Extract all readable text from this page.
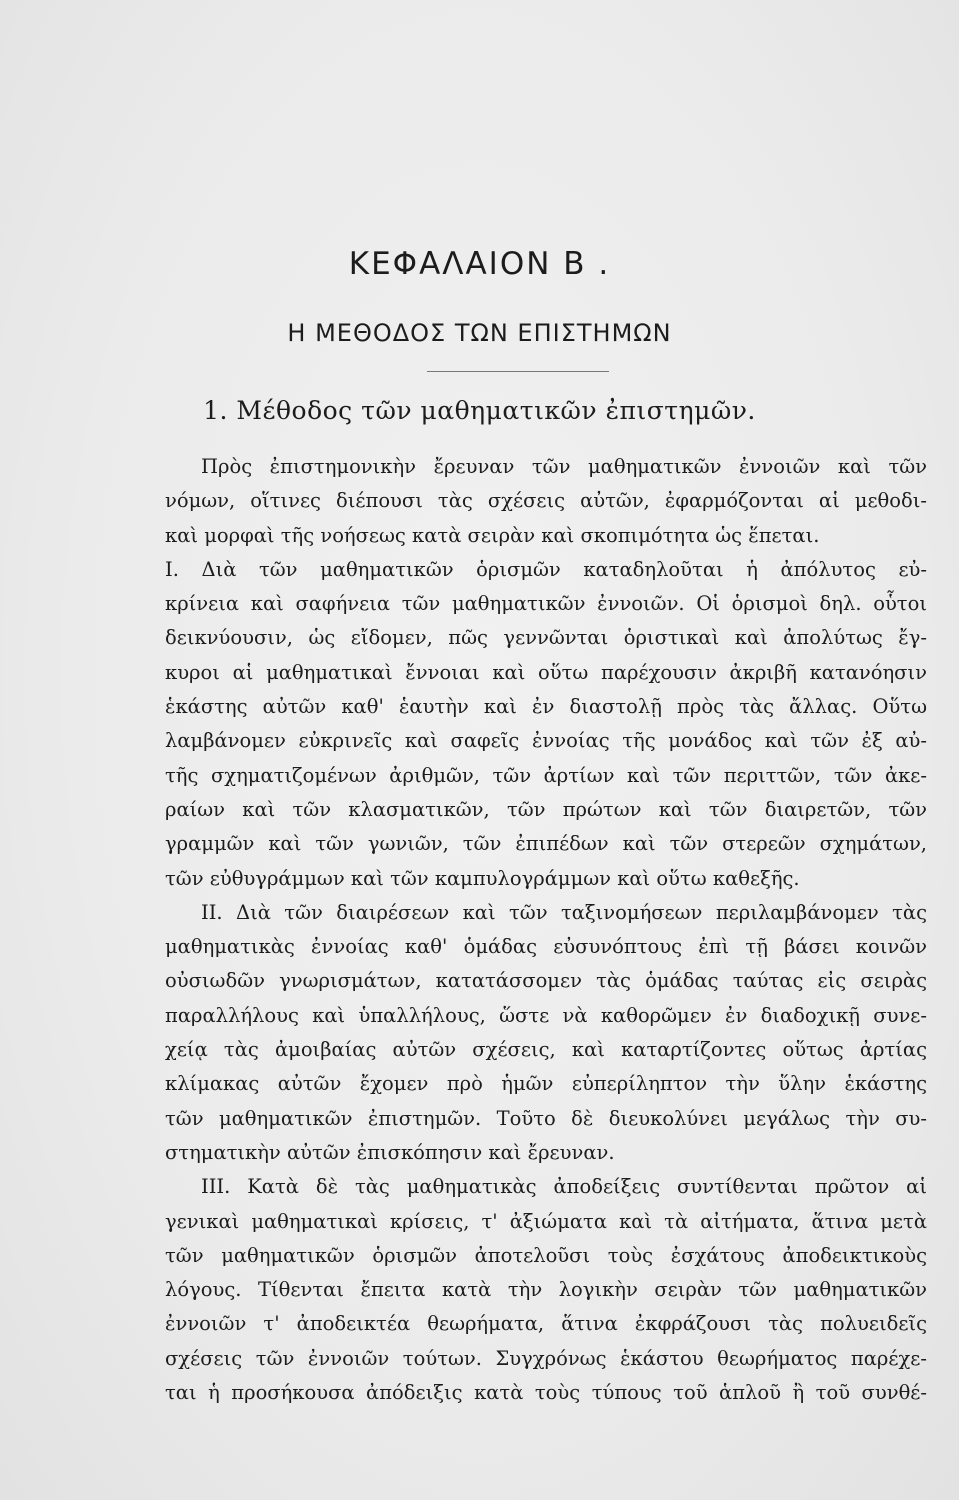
ΚΕΦΑΛΑΙΟΝ Β .
Η ΜΕΘΟΔΟΣ ΤΩΝ ΕΠΙΣΤΗΜΩΝ
1. Μέθοδος τῶν μαθηματικῶν ἐπιστημῶν.
Πρὸς ἐπιστημονικὴν ἔρευναν τῶν μαθηματικῶν ἐννοιῶν καὶ τῶν
νόμων, οἵτινες διέπουσι τὰς σχέσεις αὐτῶν, ἐφαρμόζονται αἱ μεθοδι-
καὶ μορφαὶ τῆς νοήσεως κατὰ σειρὰν καὶ σκοπιμότητα ὡς ἕπεται.
I. Διὰ τῶν μαθηματικῶν ὁρισμῶν καταδηλοῦται ἡ ἀπόλυτος εὐ-
κρίνεια καὶ σαφήνεια τῶν μαθηματικῶν ἐννοιῶν. Οἱ ὁρισμοὶ δηλ. οὗτοι
δεικνύουσιν, ὡς εἴδομεν, πῶς γεννῶνται ὁριστικαὶ καὶ ἀπολύτως ἔγ-
κυροι αἱ μαθηματικαὶ ἔννοιαι καὶ οὕτω παρέχουσιν ἀκριβῆ κατανόησιν
ἑκάστης αὐτῶν καθ' ἑαυτὴν καὶ ἐν διαστολῇ πρὸς τὰς ἄλλας. Οὕτω
λαμβάνομεν εὐκρινεῖς καὶ σαφεῖς ἐννοίας τῆς μονάδος καὶ τῶν ἐξ αὐ-
τῆς σχηματιζομένων ἀριθμῶν, τῶν ἀρτίων καὶ τῶν περιττῶν, τῶν ἀκε-
ραίων καὶ τῶν κλασματικῶν, τῶν πρώτων καὶ τῶν διαιρετῶν, τῶν
γραμμῶν καὶ τῶν γωνιῶν, τῶν ἐπιπέδων καὶ τῶν στερεῶν σχημάτων,
τῶν εὐθυγράμμων καὶ τῶν καμπυλογράμμων καὶ οὕτω καθεξῆς.
II. Διὰ τῶν διαιρέσεων καὶ τῶν ταξινομήσεων περιλαμβάνομεν τὰς
μαθηματικὰς ἐννοίας καθ' ὁμάδας εὐσυνόπτους ἐπὶ τῇ βάσει κοινῶν
οὐσιωδῶν γνωρισμάτων, κατατάσσομεν τὰς ὁμάδας ταύτας εἰς σειρὰς
παραλλήλους καὶ ὑπαλλήλους, ὥστε νὰ καθορῶμεν ἐν διαδοχικῇ συνε-
χείᾳ τὰς ἀμοιβαίας αὐτῶν σχέσεις, καὶ καταρτίζοντες οὕτως ἀρτίας
κλίμακας αὐτῶν ἔχομεν πρὸ ἡμῶν εὐπερίληπτον τὴν ὕλην ἑκάστης
τῶν μαθηματικῶν ἐπιστημῶν. Τοῦτο δὲ διευκολύνει μεγάλως τὴν συ-
στηματικὴν αὐτῶν ἐπισκόπησιν καὶ ἔρευναν.
III. Κατὰ δὲ τὰς μαθηματικὰς ἀποδείξεις συντίθενται πρῶτον αἱ
γενικαὶ μαθηματικαὶ κρίσεις, τ' ἀξιώματα καὶ τὰ αἰτήματα, ἅτινα μετὰ
τῶν μαθηματικῶν ὁρισμῶν ἀποτελοῦσι τοὺς ἐσχάτους ἀποδεικτικοὺς
λόγους. Τίθενται ἔπειτα κατὰ τὴν λογικὴν σειρὰν τῶν μαθηματικῶν
ἐννοιῶν τ' ἀποδεικτέα θεωρήματα, ἅτινα ἐκφράζουσι τὰς πολυειδεῖς
σχέσεις τῶν ἐννοιῶν τούτων. Συγχρόνως ἑκάστου θεωρήματος παρέχε-
ται ἡ προσήκουσα ἀπόδειξις κατὰ τοὺς τύπους τοῦ ἁπλοῦ ἢ τοῦ συνθέ-
